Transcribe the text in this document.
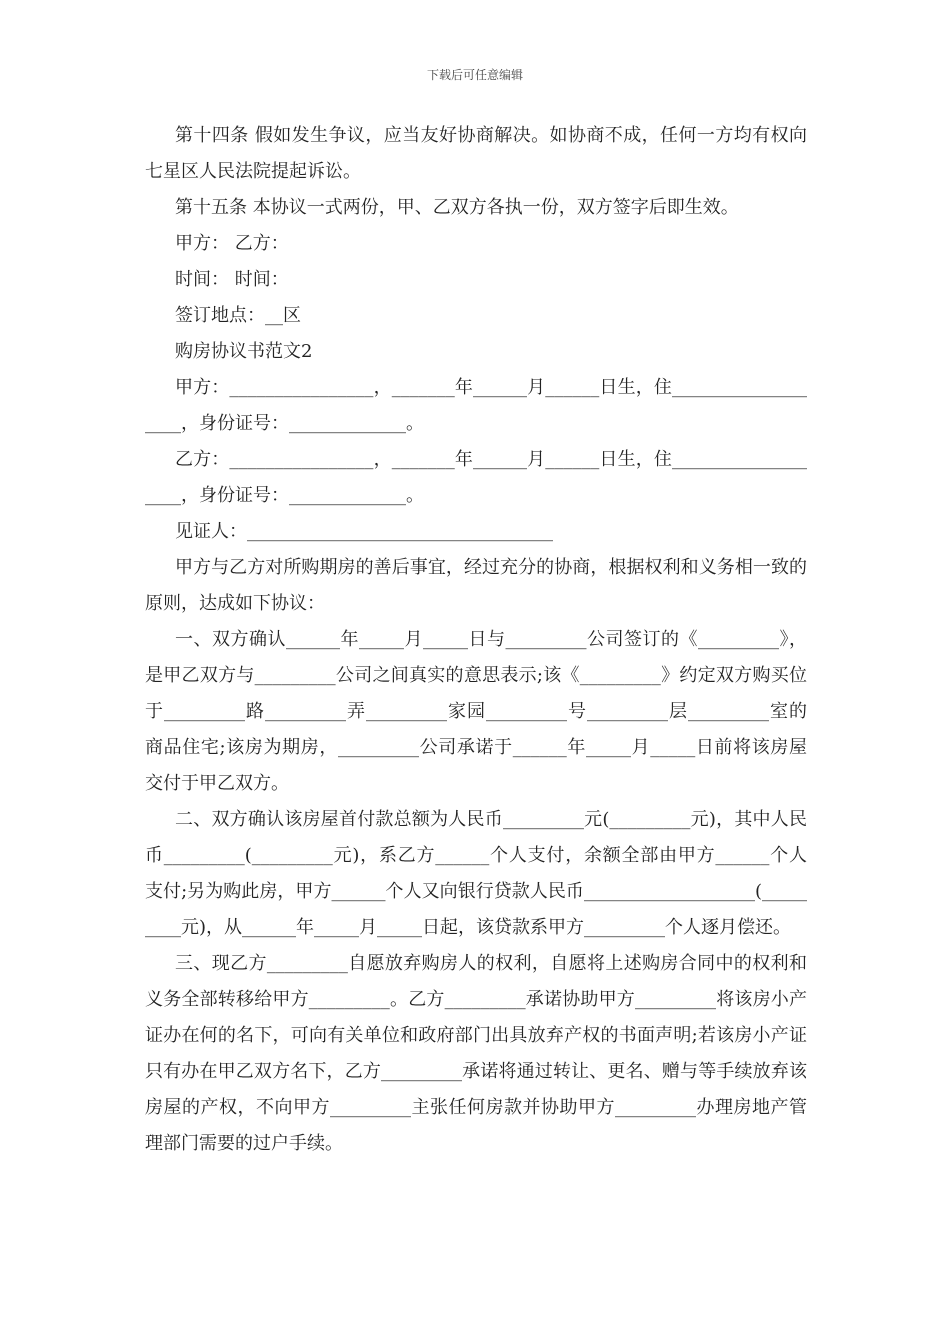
下载后可任意编辑

第十四条 假如发生争议，应当友好协商解决。如协商不成，任何一方均有权向七星区人民法院提起诉讼。

第十五条 本协议一式两份，甲、乙双方各执一份，双方签字后即生效。

甲方： 乙方：

时间： 时间：

签订地点：__区

购房协议书范文2

甲方：________________，_______年______月______日生，住___________________，身份证号：_____________。

乙方：________________，_______年______月______日生，住___________________，身份证号：_____________。

见证人：__________________________________

甲方与乙方对所购期房的善后事宜，经过充分的协商，根据权利和义务相一致的原则，达成如下协议：

一、双方确认______年_____月_____日与_________公司签订的《_________》，是甲乙双方与_________公司之间真实的意思表示;该《_________》约定双方购买位于_________路_________弄_________家园_________号_________层_________室的商品住宅;该房为期房，_________公司承诺于______年_____月_____日前将该房屋交付于甲乙双方。

二、双方确认该房屋首付款总额为人民币_________元(_________元)，其中人民币_________(_________元)，系乙方______个人支付，余额全部由甲方______个人支付;另为购此房，甲方______个人又向银行贷款人民币___________________(_________元)，从______年_____月_____日起，该贷款系甲方_________个人逐月偿还。

三、现乙方_________自愿放弃购房人的权利，自愿将上述购房合同中的权利和义务全部转移给甲方_________。乙方_________承诺协助甲方_________将该房小产证办在何的名下，可向有关单位和政府部门出具放弃产权的书面声明;若该房小产证只有办在甲乙双方名下，乙方_________承诺将通过转让、更名、赠与等手续放弃该房屋的产权，不向甲方_________主张任何房款并协助甲方_________办理房地产管理部门需要的过户手续。
